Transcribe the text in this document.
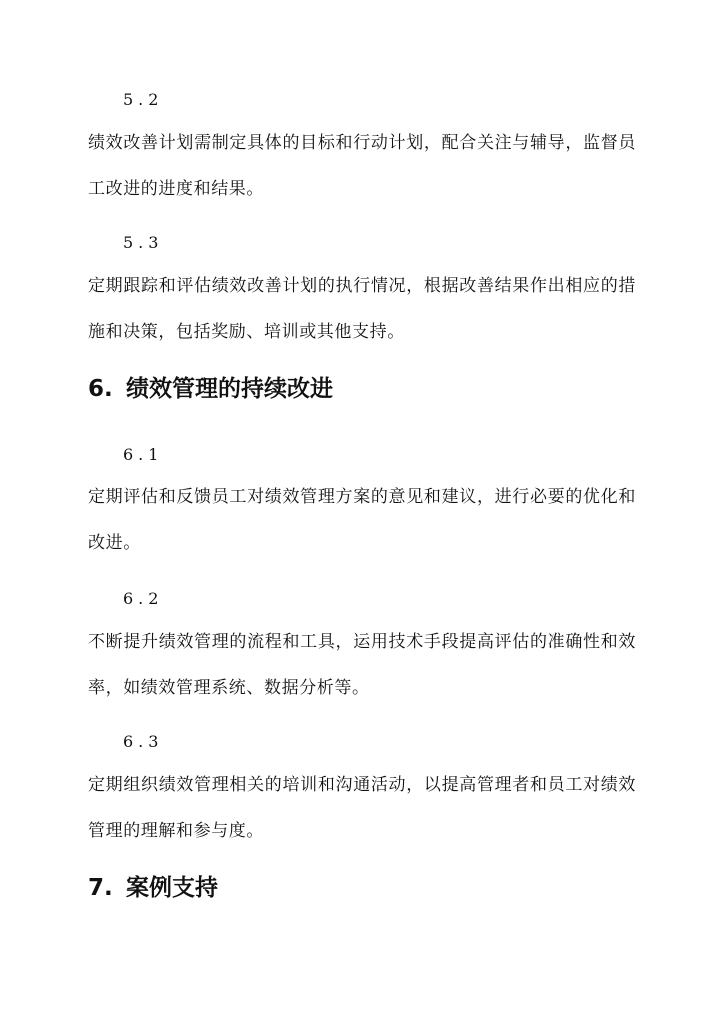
5.2
绩效改善计划需制定具体的目标和行动计划，配合关注与辅导，监督员工改进的进度和结果。
5.3
定期跟踪和评估绩效改善计划的执行情况，根据改善结果作出相应的措施和决策，包括奖励、培训或其他支持。
6. 绩效管理的持续改进
6.1
定期评估和反馈员工对绩效管理方案的意见和建议，进行必要的优化和改进。
6.2
不断提升绩效管理的流程和工具，运用技术手段提高评估的准确性和效率，如绩效管理系统、数据分析等。
6.3
定期组织绩效管理相关的培训和沟通活动，以提高管理者和员工对绩效管理的理解和参与度。
7. 案例支持
